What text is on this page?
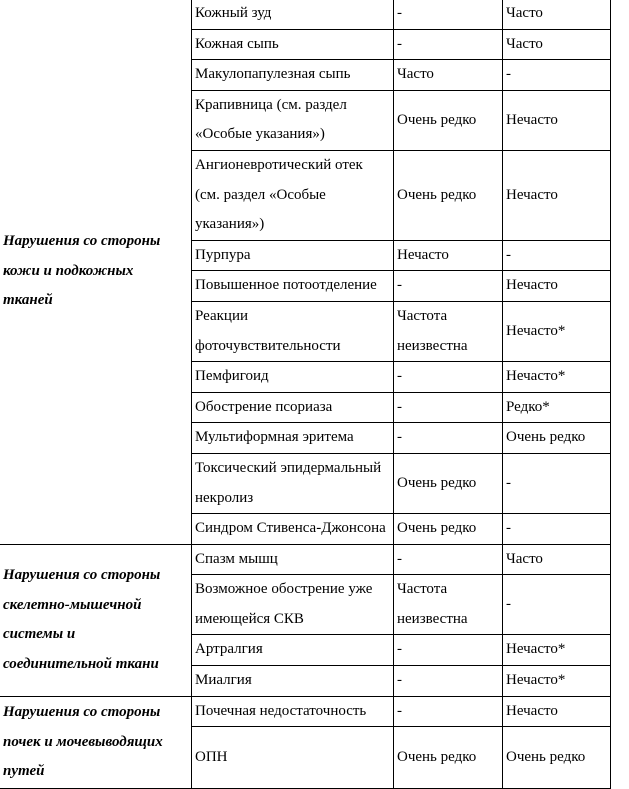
Нарушения со стороны
кожи и подкожных
тканей	Кожный зуд	-	Часто

	Кожная сыпь	-	Часто

	Макулопапулезная сыпь	Часто	-

	Крапивница (см. раздел
«Особые указания»)	Очень редко	Нечасто

	Ангионевротический отек
(см. раздел «Особые
указания»)	Очень редко	Нечасто

	Пурпура	Нечасто	-

	Повышенное потоотделение	-	Нечасто

	Реакции
фоточувствительности	Частота неизвестна	Нечасто*

	Пемфигоид	-	Нечасто*

	Обострение псориаза	-	Редко*

	Мультиформная эритема	-	Очень редко

	Токсический эпидермальный
некролиз	Очень редко	-

	Синдром Стивенса-Джонсона	Очень редко	-

Нарушения со стороны
скелетно-мышечной
системы и
соединительной ткани	Спазм мышц	-	Часто

	Возможное обострение уже
имеющейся СКВ	Частота неизвестна	-

	Артралгия	-	Нечасто*

	Миалгия	-	Нечасто*

Нарушения со стороны
почек и мочевыводящих
путей	Почечная недостаточность	-	Нечасто

	ОПН	Очень редко	Очень редко
